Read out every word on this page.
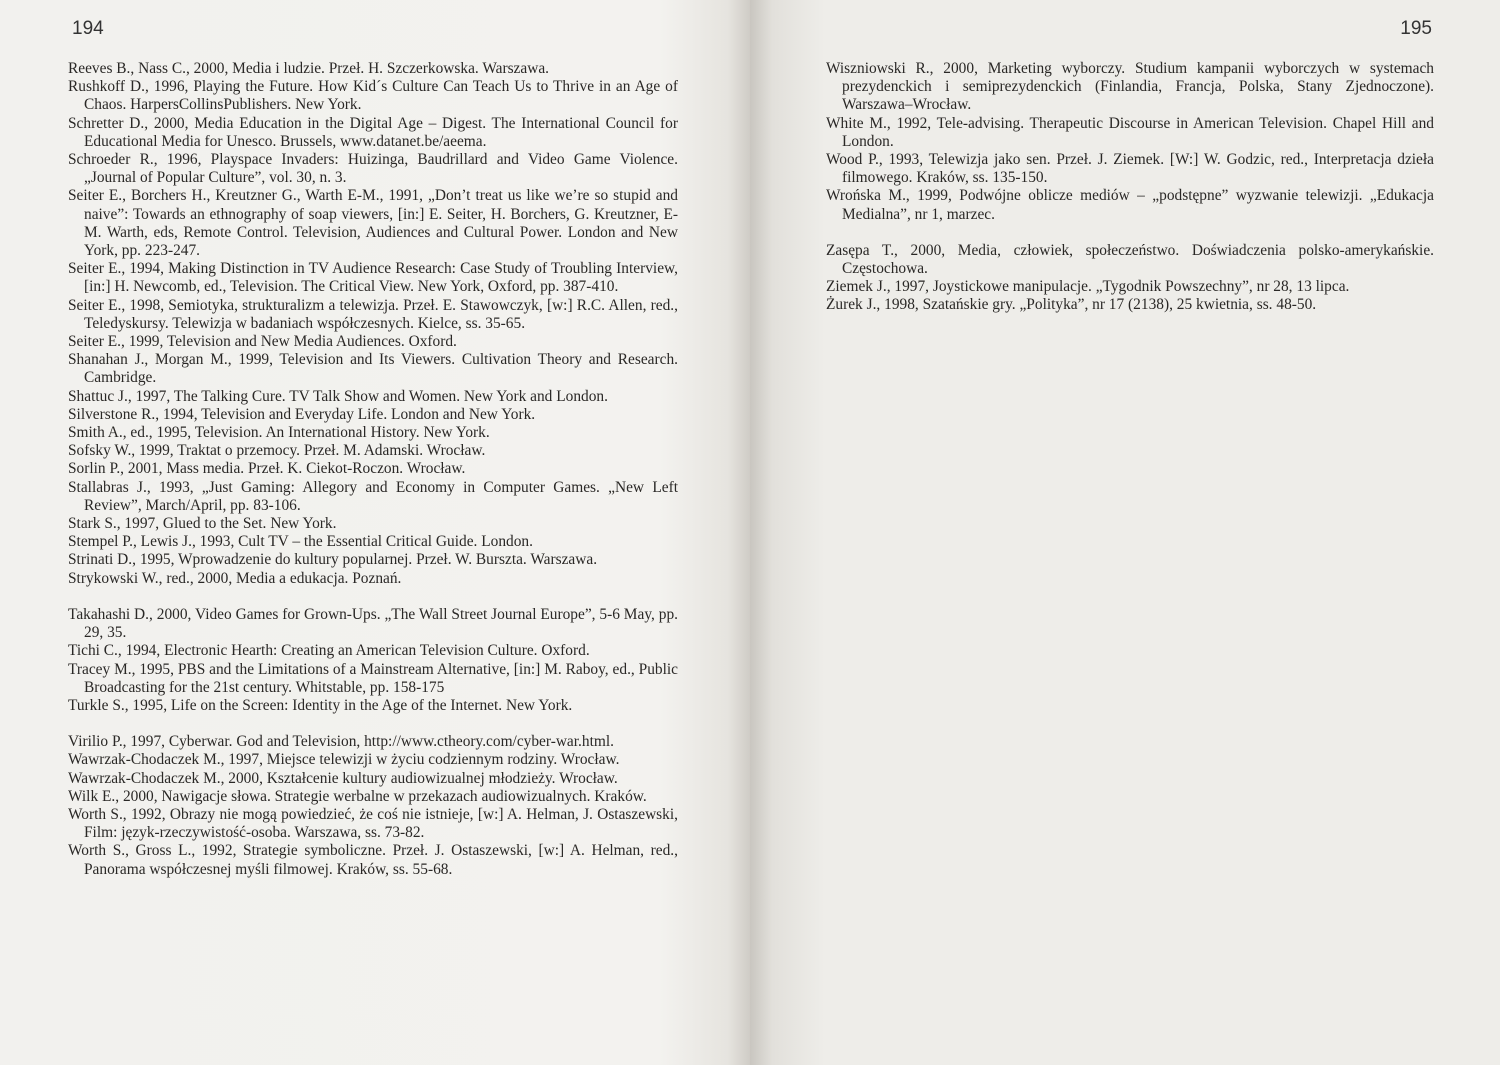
194

Reeves B., Nass C., 2000, Media i ludzie. Przeł. H. Szczerkowska. Warszawa.

Rushkoff D., 1996, Playing the Future. How Kid´s Culture Can Teach Us to Thrive in an Age of Chaos. HarpersCollinsPublishers. New York.

Schretter D., 2000, Media Education in the Digital Age – Digest. The International Council for Educational Media for Unesco. Brussels, www.datanet.be/aeema.

Schroeder R., 1996, Playspace Invaders: Huizinga, Baudrillard and Video Game Violence. „Journal of Popular Culture”, vol. 30, n. 3.

Seiter E., Borchers H., Kreutzner G., Warth E-M., 1991, „Don’t treat us like we’re so stupid and naive”: Towards an ethnography of soap viewers, [in:] E. Seiter, H. Borchers, G. Kreutzner, E-M. Warth, eds, Remote Control. Television, Audiences and Cultural Power. London and New York, pp. 223-247.

Seiter E., 1994, Making Distinction in TV Audience Research: Case Study of Troubling Interview, [in:] H. Newcomb, ed., Television. The Critical View. New York, Oxford, pp. 387-410.

Seiter E., 1998, Semiotyka, strukturalizm a telewizja. Przeł. E. Stawowczyk, [w:] R.C. Allen, red., Teledyskursy. Telewizja w badaniach współczesnych. Kielce, ss. 35-65.

Seiter E., 1999, Television and New Media Audiences. Oxford.

Shanahan J., Morgan M., 1999, Television and Its Viewers. Cultivation Theory and Research. Cambridge.

Shattuc J., 1997, The Talking Cure. TV Talk Show and Women. New York and London.

Silverstone R., 1994, Television and Everyday Life. London and New York.

Smith A., ed., 1995, Television. An International History. New York.

Sofsky W., 1999, Traktat o przemocy. Przeł. M. Adamski. Wrocław.

Sorlin P., 2001, Mass media. Przeł. K. Ciekot-Roczon. Wrocław.

Stallabras J., 1993, „Just Gaming: Allegory and Economy in Computer Games. „New Left Review”, March/April, pp. 83-106.

Stark S., 1997, Glued to the Set. New York.

Stempel P., Lewis J., 1993, Cult TV – the Essential Critical Guide. London.

Strinati D., 1995, Wprowadzenie do kultury popularnej. Przeł. W. Burszta. Warszawa.

Strykowski W., red., 2000, Media a edukacja. Poznań.

Takahashi D., 2000, Video Games for Grown-Ups. „The Wall Street Journal Europe”, 5-6 May, pp. 29, 35.

Tichi C., 1994, Electronic Hearth: Creating an American Television Culture. Oxford.

Tracey M., 1995, PBS and the Limitations of a Mainstream Alternative, [in:] M. Raboy, ed., Public Broadcasting for the 21st century. Whitstable, pp. 158-175

Turkle S., 1995, Life on the Screen: Identity in the Age of the Internet. New York.

Virilio P., 1997, Cyberwar. God and Television, http://www.ctheory.com/cyber-war.html.

Wawrzak-Chodaczek M., 1997, Miejsce telewizji w życiu codziennym rodziny. Wrocław.

Wawrzak-Chodaczek M., 2000, Kształcenie kultury audiowizualnej młodzieży. Wrocław.

Wilk E., 2000, Nawigacje słowa. Strategie werbalne w przekazach audiowizualnych. Kraków.

Worth S., 1992, Obrazy nie mogą powiedzieć, że coś nie istnieje, [w:] A. Helman, J. Ostaszewski, Film: język-rzeczywistość-osoba. Warszawa, ss. 73-82.

Worth S., Gross L., 1992, Strategie symboliczne. Przeł. J. Ostaszewski, [w:] A. Helman, red., Panorama współczesnej myśli filmowej. Kraków, ss. 55-68.

195

Wiszniowski R., 2000, Marketing wyborczy. Studium kampanii wyborczych w systemach prezydenckich i semiprezydenckich (Finlandia, Francja, Polska, Stany Zjednoczone). Warszawa–Wrocław.

White M., 1992, Tele-advising. Therapeutic Discourse in American Television. Chapel Hill and London.

Wood P., 1993, Telewizja jako sen. Przeł. J. Ziemek. [W:] W. Godzic, red., Interpretacja dzieła filmowego. Kraków, ss. 135-150.

Wrońska M., 1999, Podwójne oblicze mediów – „podstępne” wyzwanie telewizji. „Edukacja Medialna”, nr 1, marzec.

Zasępa T., 2000, Media, człowiek, społeczeństwo. Doświadczenia polsko-amerykańskie. Częstochowa.

Ziemek J., 1997, Joystickowe manipulacje. „Tygodnik Powszechny”, nr 28, 13 lipca.

Żurek J., 1998, Szatańskie gry. „Polityka”, nr 17 (2138), 25 kwietnia, ss. 48-50.
